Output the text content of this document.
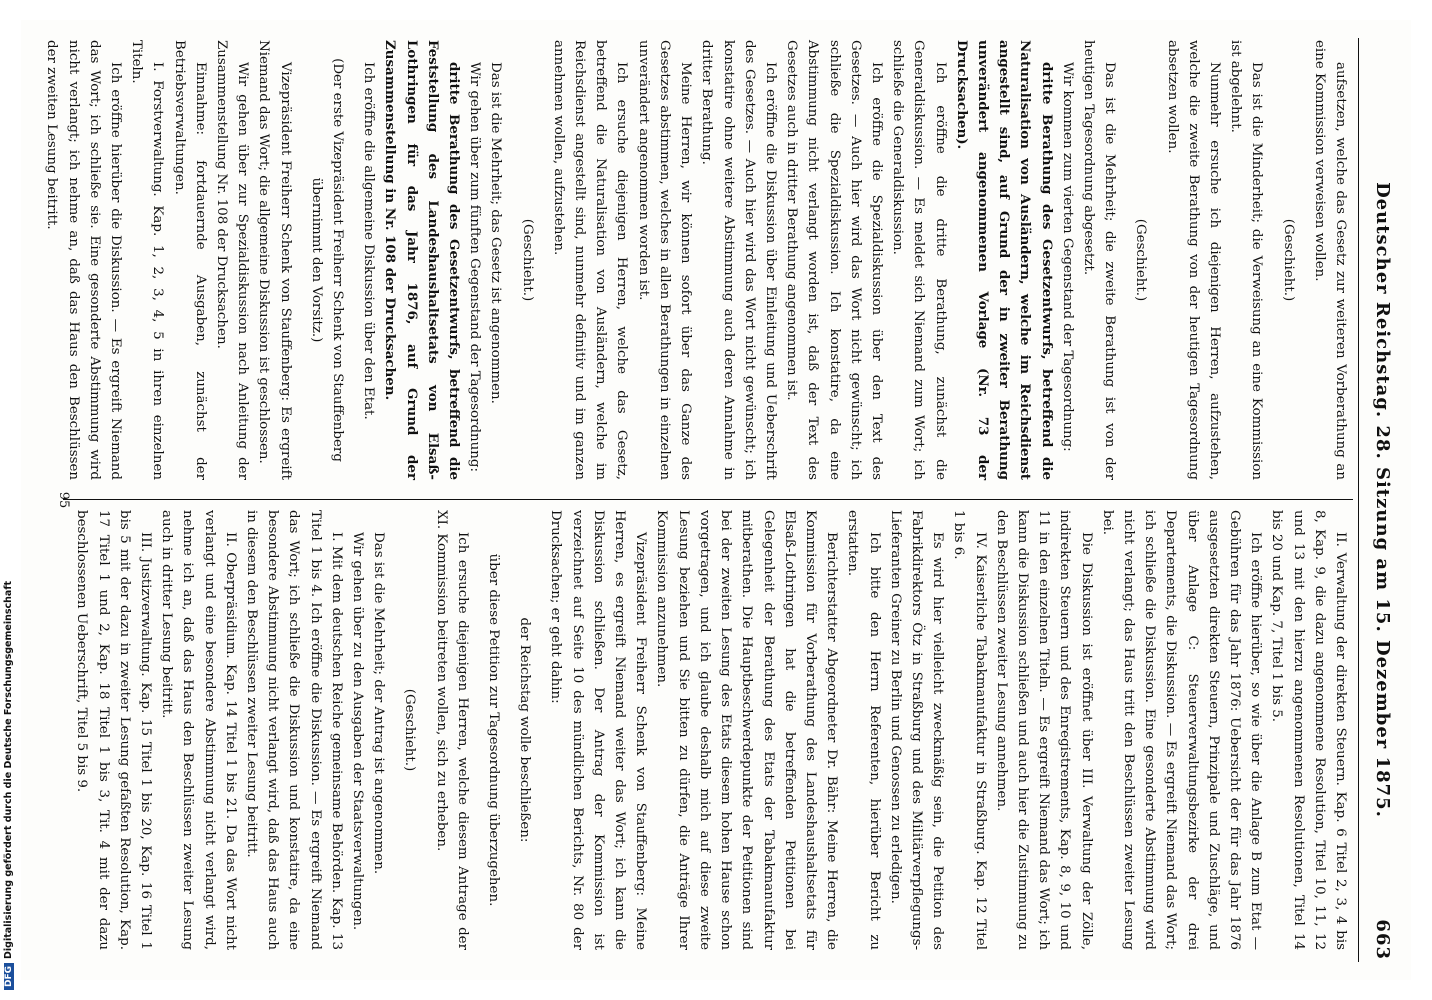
Deutscher Reichstag. 28. Sitzung am 15. Dezember 1875.
663

aufsetzen, welche das Gesetz zur weiteren Vorberathung an eine Kommission verweisen wollen.

(Geschieht.)

Das ist die Minderheit; die Verweisung an eine Kommission ist abgelehnt.

Nunmehr ersuche ich diejenigen Herren, aufzustehen, welche die zweite Berathung von der heutigen Tagesordnung absetzen wollen.

(Geschieht.)

Das ist die Mehrheit; die zweite Berathung ist von der heutigen Tagesordnung abgesetzt.

Wir kommen zum vierten Gegenstand der Tagesordnung:

dritte Berathung des Gesetzentwurfs, betreffend die Naturalisation von Ausländern, welche im Reichsdienst angestellt sind, auf Grund der in zweiter Berathung unverändert angenommenen Vorlage (Nr. 73 der Drucksachen).

Ich eröffne die dritte Berathung, zunächst die Generaldiskussion. — Es meldet sich Niemand zum Wort; ich schließe die Generaldiskussion.

Ich eröffne die Spezialdiskussion über den Text des Gesetzes. — Auch hier wird das Wort nicht gewünscht; ich schließe die Spezialdiskussion. Ich konstatire, da eine Abstimmung nicht verlangt worden ist, daß der Text des Gesetzes auch in dritter Berathung angenommen ist.

Ich eröffne die Diskussion über Einleitung und Ueberschrift des Gesetzes. — Auch hier wird das Wort nicht gewünscht; ich konstatire ohne weitere Abstimmung auch deren Annahme in dritter Berathung.

Meine Herren, wir können sofort über das Ganze des Gesetzes abstimmen, welches in allen Berathungen in einzelnen unverändert angenommen worden ist.

Ich ersuche diejenigen Herren, welche das Gesetz, betreffend die Naturalisation von Ausländern, welche im Reichsdienst angestellt sind, nunmehr definitiv und im ganzen annehmen wollen, aufzustehen.

(Geschieht.)

Das ist die Mehrheit; das Gesetz ist angenommen.

Wir gehen über zum fünften Gegenstand der Tagesordnung:

dritte Berathung des Gesetzentwurfs, betreffend die Feststellung des Landeshaushaltsetats von Elsaß-Lothringen für das Jahr 1876, auf Grund der Zusammenstellung in Nr. 108 der Drucksachen.

Ich eröffne die allgemeine Diskussion über den Etat.

(Der erste Vizepräsident Freiherr Schenk von Stauffenberg übernimmt den Vorsitz.)

Vizepräsident Freiherr Schenk von Stauffenberg: Es ergreift Niemand das Wort; die allgemeine Diskussion ist geschlossen.

Wir gehen über zur Spezialdiskussion nach Anleitung der Zusammenstellung Nr. 108 der Drucksachen.

Einnahme: fortdauernde Ausgaben, zunächst der Betriebsverwaltungen.

I. Forstverwaltung. Kap. 1, 2, 3, 4, 5 in ihren einzelnen Titeln.

Ich eröffne hierüber die Diskussion. — Es ergreift Niemand das Wort; ich schließe sie. Eine gesonderte Abstimmung wird nicht verlangt; ich nehme an, daß das Haus den Beschlüssen der zweiten Lesung beitritt.

II. Verwaltung der direkten Steuern. Kap. 6 Titel 2, 3, 4 bis 8, Kap. 9, die dazu angenommene Resolution, Titel 10, 11, 12 und 13 mit den hierzu angenommenen Resolutionen, Titel 14 bis 20 und Kap. 7, Titel 1 bis 5.

Ich eröffne hierüber, so wie über die Anlage B zum Etat — Gebühren für das Jahr 1876: Uebersicht der für das Jahr 1876 ausgesetzten direkten Steuern, Prinzipale und Zuschläge, und über Anlage C: Steuerverwaltungsbezirke der drei Departements, die Diskussion. — Es ergreift Niemand das Wort; ich schließe die Diskussion. Eine gesonderte Abstimmung wird nicht verlangt; das Haus tritt den Beschlüssen zweiter Lesung bei.

Die Diskussion ist eröffnet über III. Verwaltung der Zölle, indirekten Steuern und des Enregistrements, Kap. 8, 9, 10 und 11 in den einzelnen Titeln. — Es ergreift Niemand das Wort; ich kann die Diskussion schließen und auch hier die Zustimmung zu den Beschlüssen zweiter Lesung annehmen.

IV. Kaiserliche Tabakmanufaktur in Straßburg. Kap. 12 Titel 1 bis 6.

Es wird hier vielleicht zweckmäßig sein, die Petition des Fabrikdirektors Ötz in Straßburg und des Militärverpflegungs-Lieferanten Greiner zu Berlin und Genossen zu erledigen.

Ich bitte den Herrn Referenten, hierüber Bericht zu erstatten.

Berichterstatter Abgeordneter Dr. Bähr: Meine Herren, die Kommission für Vorberathung des Landeshaushaltsetats für Elsaß-Lothringen hat die betreffenden Petitionen bei Gelegenheit der Berathung des Etats der Tabakmanufaktur mitberathen. Die Hauptbeschwerdepunkte der Petitionen sind bei der zweiten Lesung des Etats diesem hohen Hause schon vorgetragen, und ich glaube deshalb mich auf diese zweite Lesung beziehen und Sie bitten zu dürfen, die Anträge Ihrer Kommission anzunehmen.

Vizepräsident Freiherr Schenk von Stauffenberg: Meine Herren, es ergreift Niemand weiter das Wort; ich kann die Diskussion schließen. Der Antrag der Kommission ist verzeichnet auf Seite 10 des mündlichen Berichts, Nr. 80 der Drucksachen; er geht dahin:

der Reichstag wolle beschließen:

über diese Petition zur Tagesordnung überzugehen.

Ich ersuche diejenigen Herren, welche diesem Antrage der XI. Kommission beitreten wollen, sich zu erheben.

(Geschieht.)

Das ist die Mehrheit; der Antrag ist angenommen.

Wir gehen über zu den Ausgaben der Staatsverwaltungen.

I. Mit dem deutschen Reiche gemeinsame Behörden. Kap. 13 Titel 1 bis 4. Ich eröffne die Diskussion. — Es ergreift Niemand das Wort; ich schließe die Diskussion und konstatire, da eine besondere Abstimmung nicht verlangt wird, daß das Haus auch in diesem den Beschlüssen zweiter Lesung beitritt.

II. Oberpräsidium. Kap. 14 Titel 1 bis 21. Da das Wort nicht verlangt und eine besondere Abstimmung nicht verlangt wird, nehme ich an, daß das Haus den Beschlüssen zweiter Lesung auch in dritter Lesung beitritt.

III. Justizverwaltung. Kap. 15 Titel 1 bis 20, Kap. 16 Titel 1 bis 5 mit der dazu in zweiter Lesung gefaßten Resolution, Kap. 17 Titel 1 und 2, Kap. 18 Titel 1 bis 3, Tit. 4 mit der dazu beschlossenen Ueberschrift, Titel 5 bis 9.

95
DFGDigitalisierung gefördert durch die Deutsche Forschungsgemeinschaft
